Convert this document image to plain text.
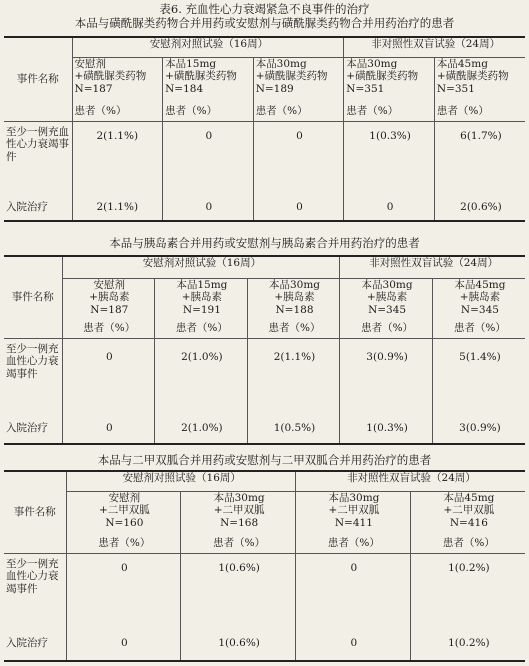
表6. 充血性心力衰竭紧急不良事件的治疗
本品与磺酰脲类药物合并用药或安慰剂与磺酰脲类药物合并用药治疗的患者
事件名称	安慰剂对照试验（16周）			非对照性双盲试验（24周）	
	安慰剂
+磺酰脲类药物
N=187	本品15mg
+磺酰脲类药物
N=184	本品30mg
+磺酰脲类药物
N=189	本品30mg
+磺酰脲类药物
N=351	本品45mg
+磺酰脲类药物
N=351
	患者（%）	患者（%）	患者（%）	患者（%）	患者（%）
至少一例充血性心力衰竭事件	2(1.1%)	0	0	1(0.3%)	6(1.7%)
入院治疗	2(1.1%)	0	0	0	2(0.6%)
本品与胰岛素合并用药或安慰剂与胰岛素合并用药治疗的患者
事件名称	安慰剂对照试验（16周）			非对照性双盲试验（24周）	
	安慰剂
+胰岛素
N=187	本品15mg
+胰岛素
N=191	本品30mg
+胰岛素
N=188	本品30mg
+胰岛素
N=345	本品45mg
+胰岛素
N=345
	患者（%）	患者（%）	患者（%）	患者（%）	患者（%）
至少一例充血性心力衰竭事件	0	2(1.0%)	2(1.1%)	3(0.9%)	5(1.4%)
入院治疗	0	2(1.0%)	1(0.5%)	1(0.3%)	3(0.9%)
本品与二甲双胍合并用药或安慰剂与二甲双胍合并用药治疗的患者
事件名称	安慰剂对照试验（16周）		非对照性双盲试验（24周）	
	安慰剂
+二甲双胍
N=160	本品30mg
+二甲双胍
N=168	本品30mg
+二甲双胍
N=411	本品45mg
+二甲双胍
N=416
	患者（%）	患者（%）	患者（%）	患者（%）
至少一例充血性心力衰竭事件	0	1(0.6%)	0	1(0.2%)
入院治疗	0	1(0.6%)	0	1(0.2%)
